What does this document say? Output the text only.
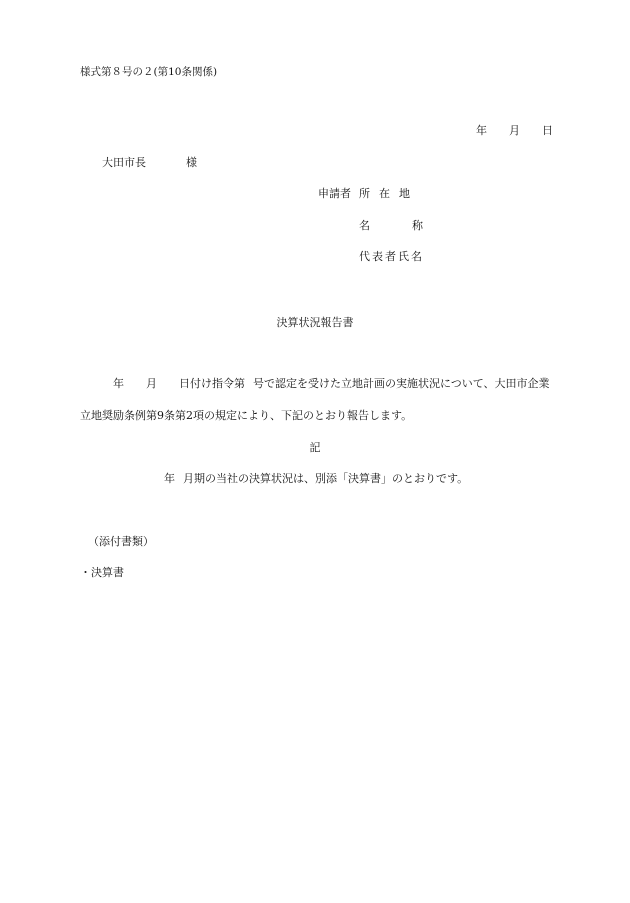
様式第８号の２(第10条関係)
年 月 日
大田市長	様
申請者 所在地
名	称
代表者氏名
決算状況報告書
年 月 日付け指令第 号で認定を受けた立地計画の実施状況について、大田市企業
立地奨励条例第9条第2項の規定により、下記のとおり報告します。
記
年 月期の当社の決算状況は、別添「決算書」のとおりです。
（添付書類）
・決算書
